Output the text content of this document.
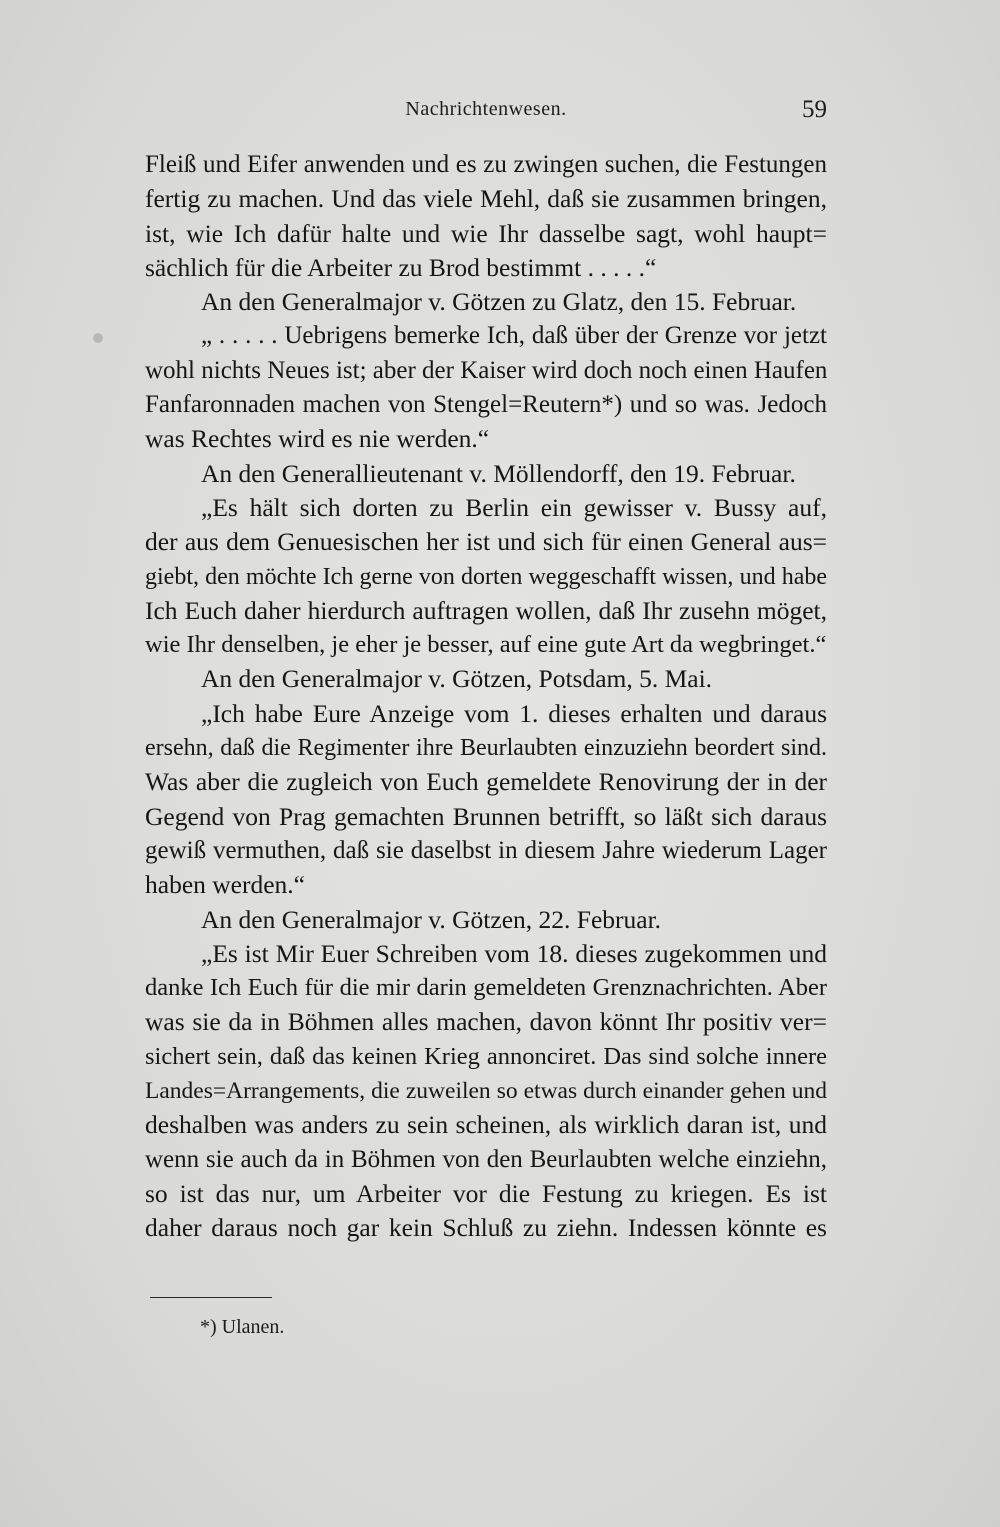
Nachrichtenwesen.	59
Fleiß und Eifer anwenden und es zu zwingen suchen, die Festungen
fertig zu machen. Und das viele Mehl, daß sie zusammen bringen,
ist, wie Ich dafür halte und wie Ihr dasselbe sagt, wohl haupt=
sächlich für die Arbeiter zu Brod bestimmt . . . . .“
An den Generalmajor v. Götzen zu Glatz, den 15. Februar.
„ . . . . . Uebrigens bemerke Ich, daß über der Grenze vor jetzt
wohl nichts Neues ist; aber der Kaiser wird doch noch einen Haufen
Fanfaronnaden machen von Stengel=Reutern*) und so was. Jedoch
was Rechtes wird es nie werden.“
An den Generallieutenant v. Möllendorff, den 19. Februar.
„Es hält sich dorten zu Berlin ein gewisser v. Bussy auf,
der aus dem Genuesischen her ist und sich für einen General aus=
giebt, den möchte Ich gerne von dorten weggeschafft wissen, und habe
Ich Euch daher hierdurch auftragen wollen, daß Ihr zusehn möget,
wie Ihr denselben, je eher je besser, auf eine gute Art da wegbringet.“
An den Generalmajor v. Götzen, Potsdam, 5. Mai.
„Ich habe Eure Anzeige vom 1. dieses erhalten und daraus
ersehn, daß die Regimenter ihre Beurlaubten einzuziehn beordert sind.
Was aber die zugleich von Euch gemeldete Renovirung der in der
Gegend von Prag gemachten Brunnen betrifft, so läßt sich daraus
gewiß vermuthen, daß sie daselbst in diesem Jahre wiederum Lager
haben werden.“
An den Generalmajor v. Götzen, 22. Februar.
„Es ist Mir Euer Schreiben vom 18. dieses zugekommen und
danke Ich Euch für die mir darin gemeldeten Grenznachrichten. Aber
was sie da in Böhmen alles machen, davon könnt Ihr positiv ver=
sichert sein, daß das keinen Krieg annonciret. Das sind solche innere
Landes=Arrangements, die zuweilen so etwas durch einander gehen und
deshalben was anders zu sein scheinen, als wirklich daran ist, und
wenn sie auch da in Böhmen von den Beurlaubten welche einziehn,
so ist das nur, um Arbeiter vor die Festung zu kriegen. Es ist
daher daraus noch gar kein Schluß zu ziehn. Indessen könnte es
*) Ulanen.
